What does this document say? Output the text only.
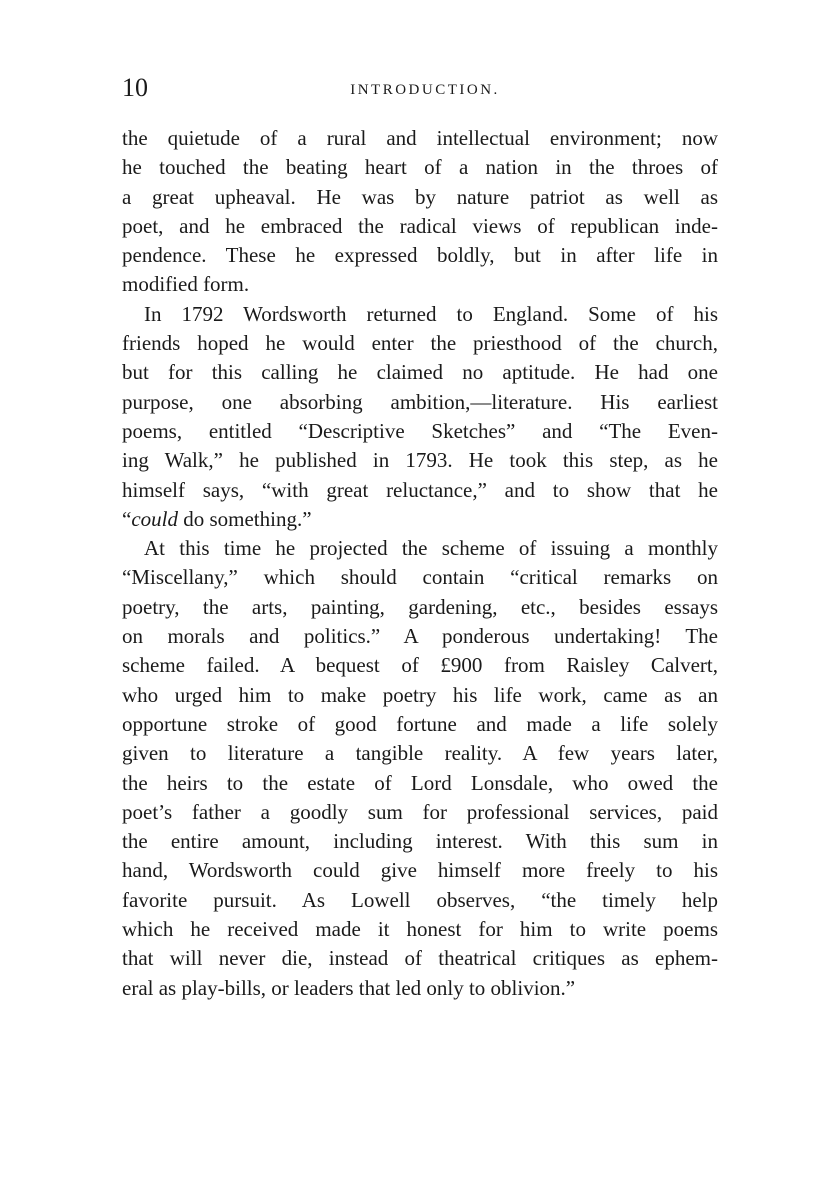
10	INTRODUCTION.
the quietude of a rural and intellectual environment; now
he touched the beating heart of a nation in the throes of
a great upheaval. He was by nature patriot as well as
poet, and he embraced the radical views of republican inde-
pendence. These he expressed boldly, but in after life in
modified form.
In 1792 Wordsworth returned to England. Some of his
friends hoped he would enter the priesthood of the church,
but for this calling he claimed no aptitude. He had one
purpose, one absorbing ambition,—literature. His earliest
poems, entitled “Descriptive Sketches” and “The Even-
ing Walk,” he published in 1793. He took this step, as he
himself says, “with great reluctance,” and to show that he
“could do something.”
At this time he projected the scheme of issuing a monthly
“Miscellany,” which should contain “critical remarks on
poetry, the arts, painting, gardening, etc., besides essays
on morals and politics.” A ponderous undertaking! The
scheme failed. A bequest of £900 from Raisley Calvert,
who urged him to make poetry his life work, came as an
opportune stroke of good fortune and made a life solely
given to literature a tangible reality. A few years later,
the heirs to the estate of Lord Lonsdale, who owed the
poet’s father a goodly sum for professional services, paid
the entire amount, including interest. With this sum in
hand, Wordsworth could give himself more freely to his
favorite pursuit. As Lowell observes, “the timely help
which he received made it honest for him to write poems
that will never die, instead of theatrical critiques as ephem-
eral as play-bills, or leaders that led only to oblivion.”
